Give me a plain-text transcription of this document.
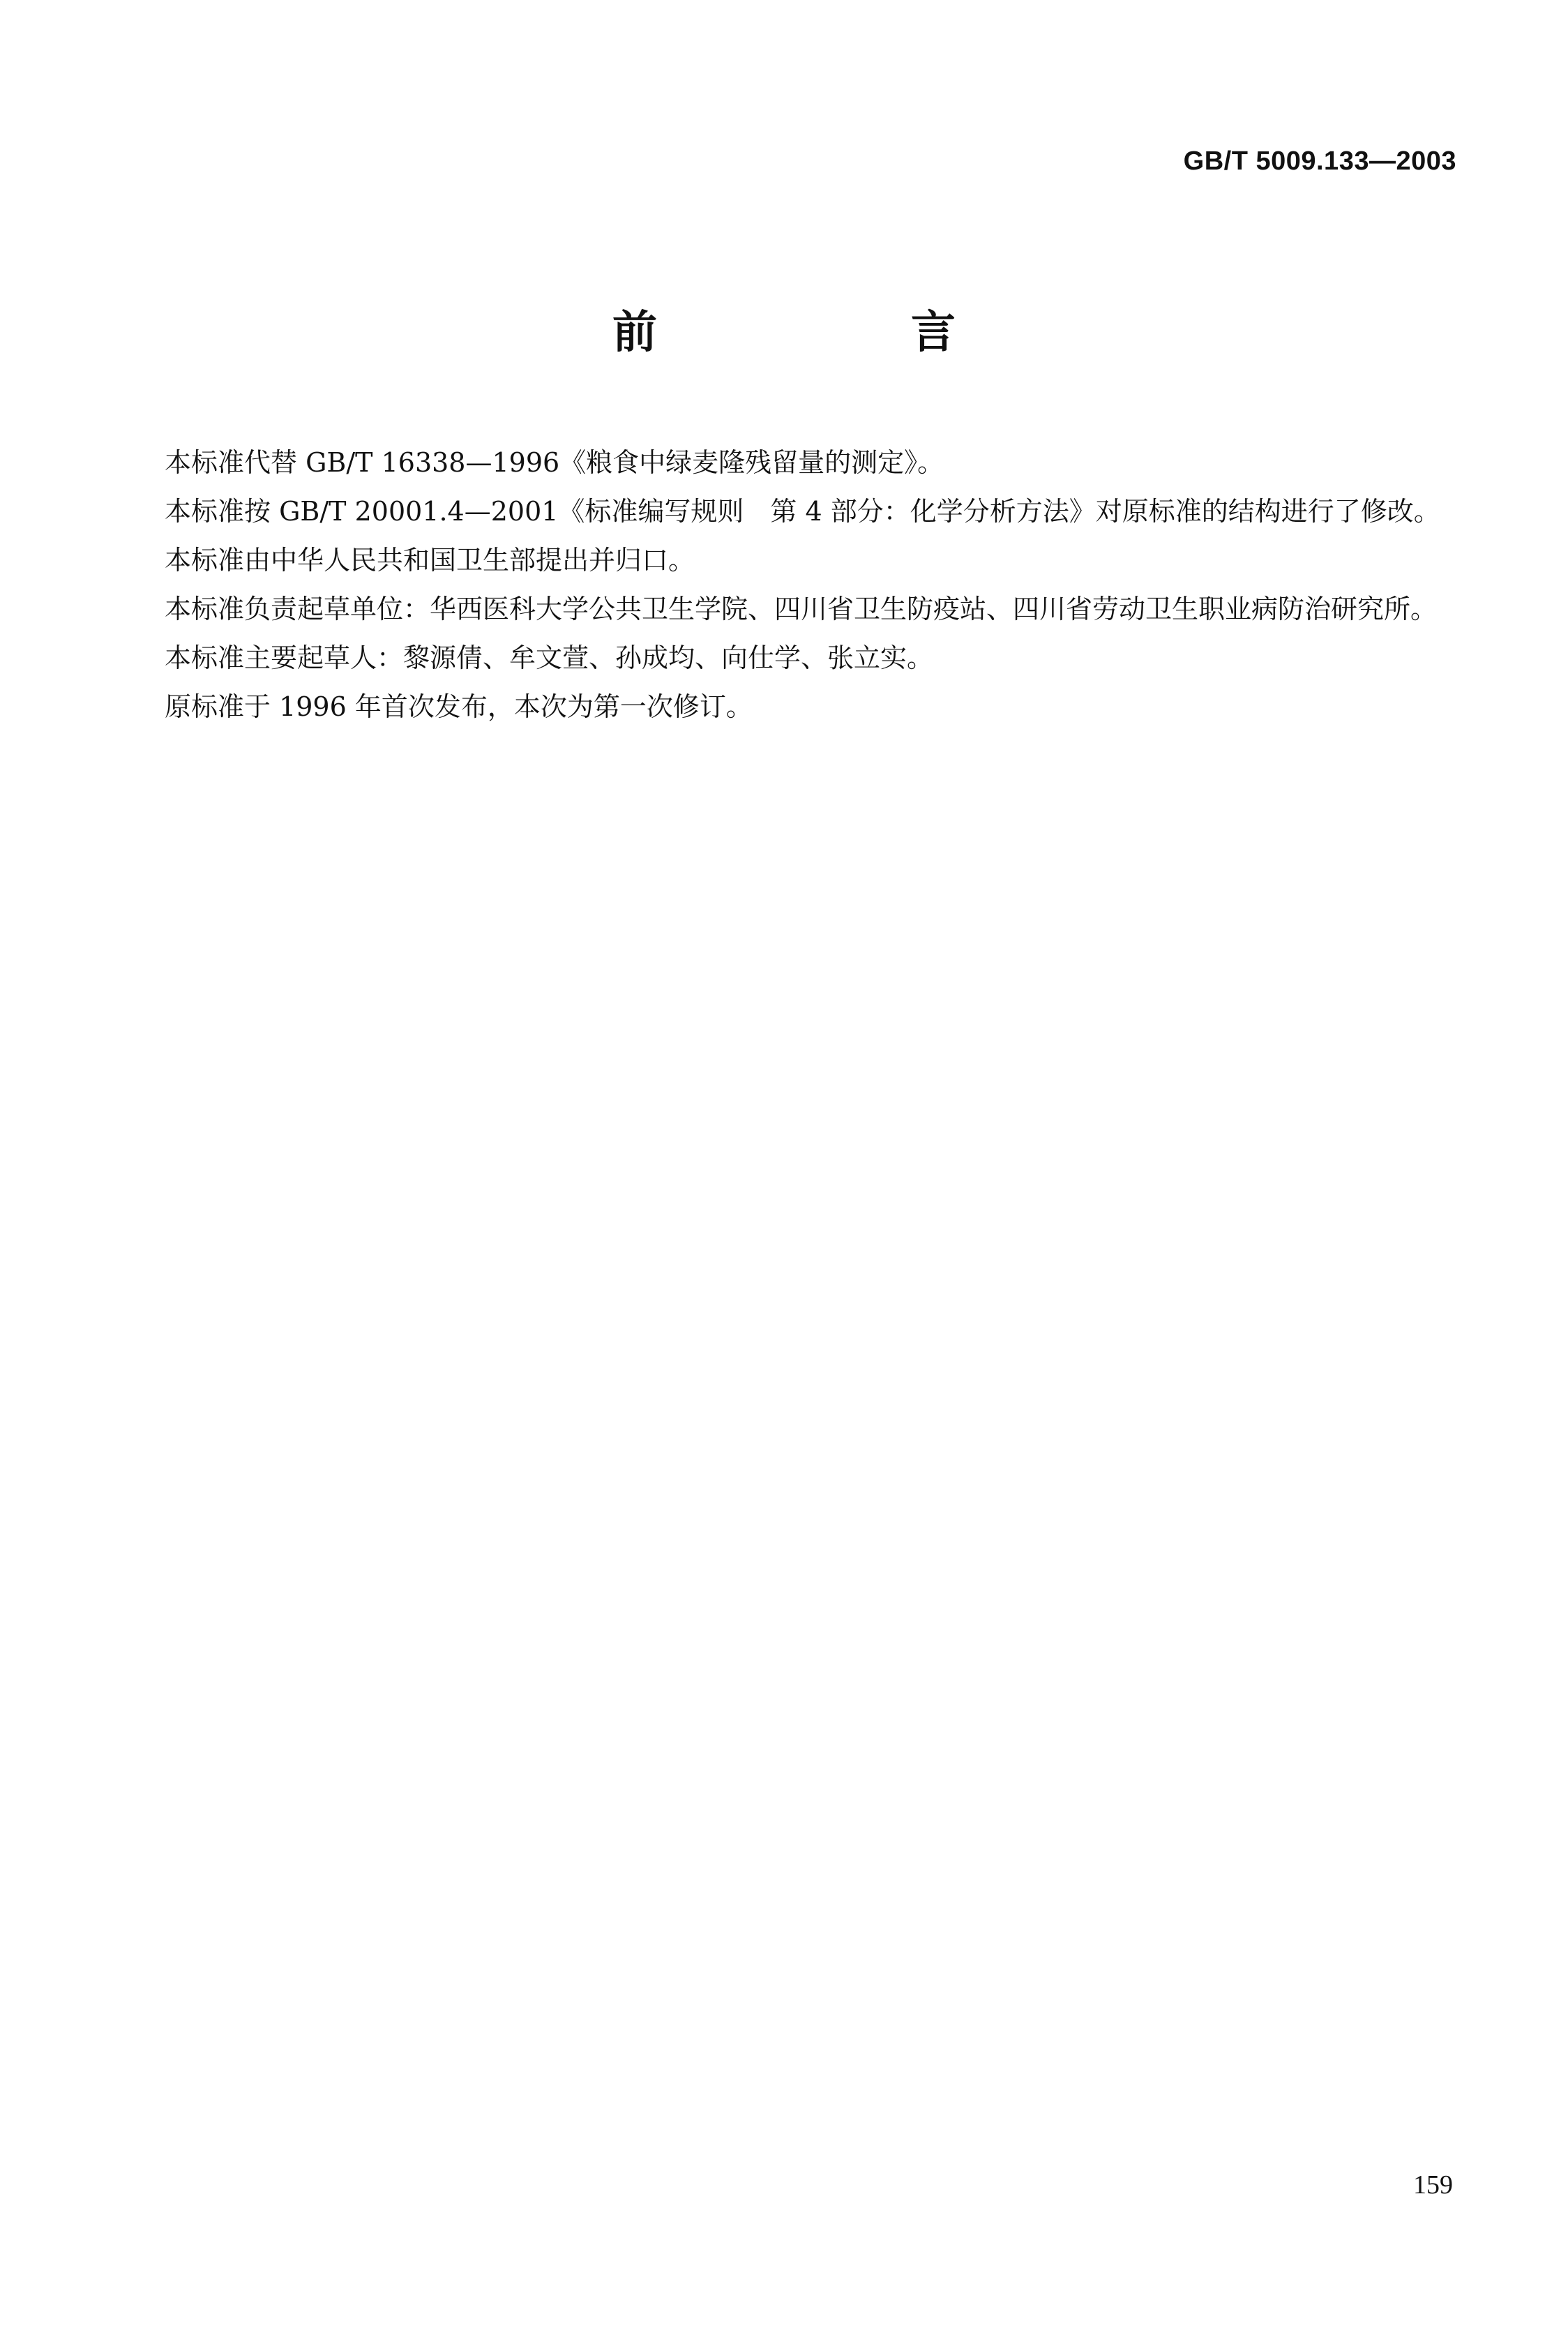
GB/T 5009.133—2003
前　言

本标准代替 GB/T 16338—1996《粮食中绿麦隆残留量的测定》。

本标准按 GB/T 20001.4—2001《标准编写规则　第 4 部分：化学分析方法》对原标准的结构进行了修改。

本标准由中华人民共和国卫生部提出并归口。

本标准负责起草单位：华西医科大学公共卫生学院、四川省卫生防疫站、四川省劳动卫生职业病防治研究所。

本标准主要起草人：黎源倩、牟文萱、孙成均、向仕学、张立实。

原标准于 1996 年首次发布，本次为第一次修订。

159
